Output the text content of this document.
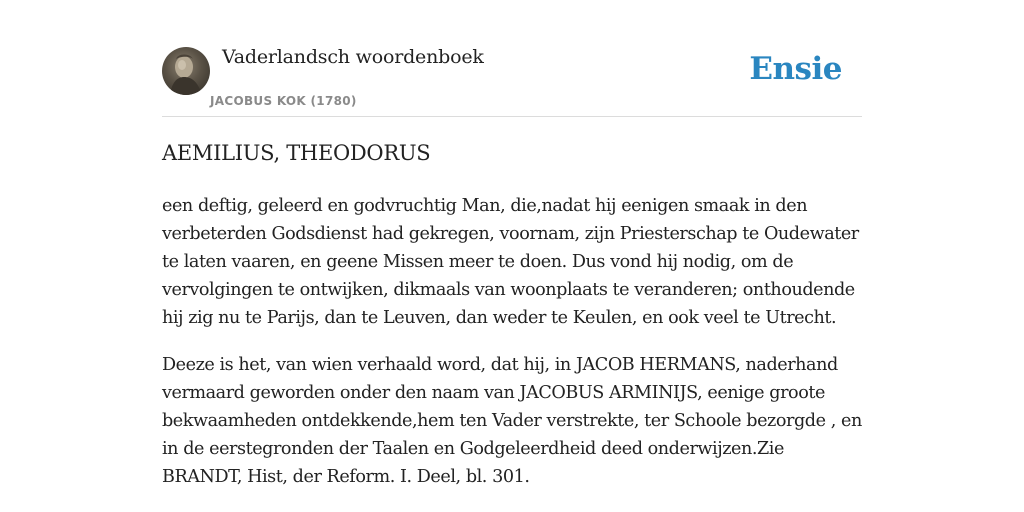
Vaderlandsch woordenboek
JACOBUS KOK (1780)
Ensie
AEMILIUS, THEODORUS

een deftig, geleerd en godvruchtig Man, die,nadat hij eenigen smaak in den verbeterden Godsdienst had gekregen, voornam, zijn Priesterschap te Oudewater te laten vaaren, en geene Missen meer te doen. Dus vond hij nodig, om de vervolgingen te ontwijken, dikmaals van woonplaats te veranderen; onthoudende hij zig nu te Parijs, dan te Leuven, dan weder te Keulen, en ook veel te Utrecht.

Deeze is het, van wien verhaald word, dat hij, in JACOB HERMANS, naderhand vermaard geworden onder den naam van JACOBUS ARMINIJS, eenige groote bekwaamheden ontdekkende,hem ten Vader verstrekte, ter Schoole bezorgde , en in de eerstegronden der Taalen en Godgeleerdheid deed onderwijzen.Zie BRANDT, Hist, der Reform. I. Deel, bl. 301.
